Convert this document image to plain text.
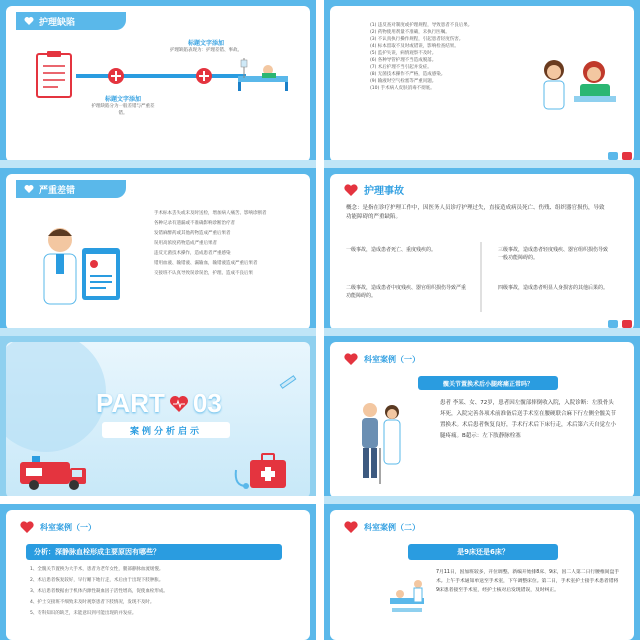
护理缺陷
标题文字添加
护理缺陷表现为：护理差错、事故。
标题文字添加
护理缺陷分为一般差错与严重差错。
(1) 违反查对制度或护理规程，导致患者不良后果。
(2) 药物使用剂量不准确，未执行医嘱。
(3) 不认真执行操作规程，引起患者轻度伤害。
(4) 标本留取不及时或错误，影响检查结果。
(5) 监护失误，病情观察不及时。
(6) 各种导管护理不当造成脱落。
(7) 术后护理不当引起并发症。
(8) 无菌技术操作不严格，造成感染。
(9) 输液时空气栓塞等严重问题。
(10) 手术病人皮肤消毒不彻底。
严重差错
手术标本丢失或未及时送检，增加病人痛苦、影响诊断者
各种记录有遗漏或不准确影响诊断治疗者
发错麻醉药或其他药物造成严重后果者
误用高浓度药物造成严重后果者
违反无菌技术操作，造成患者严重感染
错用血液、输错液、漏输血，输错液造成严重后果者
交接班不认真导致误诊误治，护理、造成不良后果
护理事故
概念：是指在诊疗护理工作中，因医务人员诊疗护理过失，直接造成病员死亡、伤残、组织器官损伤，导致功能障碍的严重缺陷。
一级事故，造成患者死亡、重度残疾的。	三级事故，造成患者轻度残疾、器官组织损伤导致一般功能障碍的。
二级事故，造成患者中度残疾、器官组织损伤导致严重功能障碍的。
四级事故，造成患者明显人身损害的其他后果的。
PART 03
案例分析启示
科室案例（一）
髋关节置换术后小腿疼痛正常吗？
患者 李某、女、72岁，患者因左髋部摔倒收入院，入院诊断：左股骨头坏死，入院完善各项术前准备后送手术室在腰硬联合麻下行左侧全髋关节置换术。术后患者恢复良好，手术行术后下床行走，术后第六天自觉左小腿疼痛。B超示：左下肢静脉栓塞
科室案例（一）
分析：深静脉血栓形成主要原因有哪些？
1、全髋关节置换为大手术，患者为老年女性，腿部静脉血流缓慢。
2、术后患者恢复较好，早行睡下地行走，术后由于出现下肢肿胀。
3、术后患者数据由于机体内源性凝血因子活性增高，促使血栓形成。
4、护士交接班不细致未及时观察患者下肢情况，发现不及时。
5、专科知识的缺乏，未能意识到可能出现的并发症。
科室案例（二）
是9床还是6床？
7月11日，因加班较多，开位调整。新编开始排8床、9床，因二人第二日行腰椎间盘手术。上午手术通知单送至手术室，下午调整床位。第二日，手术室护士接手术患者错将9床患者接至手术室，经护士核对后发现错误，及时纠正。
